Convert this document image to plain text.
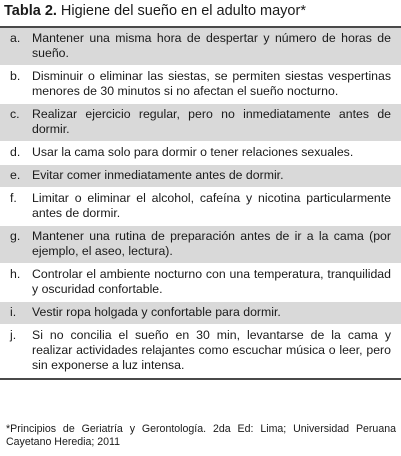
Tabla 2. Higiene del sueño en el adulto mayor*
a. Mantener una misma hora de despertar y número de horas de sueño.
b. Disminuir o eliminar las siestas, se permiten siestas vespertinas menores de 30 minutos si no afectan el sueño nocturno.
c.	Realizar ejercicio regular, pero no inmediatamente antes de dormir.
d. Usar la cama solo para dormir o tener relaciones sexuales.
e. Evitar comer inmediatamente antes de dormir.
f.	Limitar o eliminar el alcohol, cafeína y nicotina particularmente antes de dormir.
g. Mantener una rutina de preparación antes de ir a la cama (por ejemplo, el aseo, lectura).
h. Controlar el ambiente nocturno con una temperatura, tranquilidad y oscuridad confortable.
i.	Vestir ropa holgada y confortable para dormir.
j.	Si no concilia el sueño en 30 min, levantarse de la cama y realizar actividades relajantes como escuchar música o leer, pero sin exponerse a luz intensa.
*Principios de Geriatría y Gerontología. 2da Ed: Lima; Universidad Peruana Cayetano Heredia; 2011
